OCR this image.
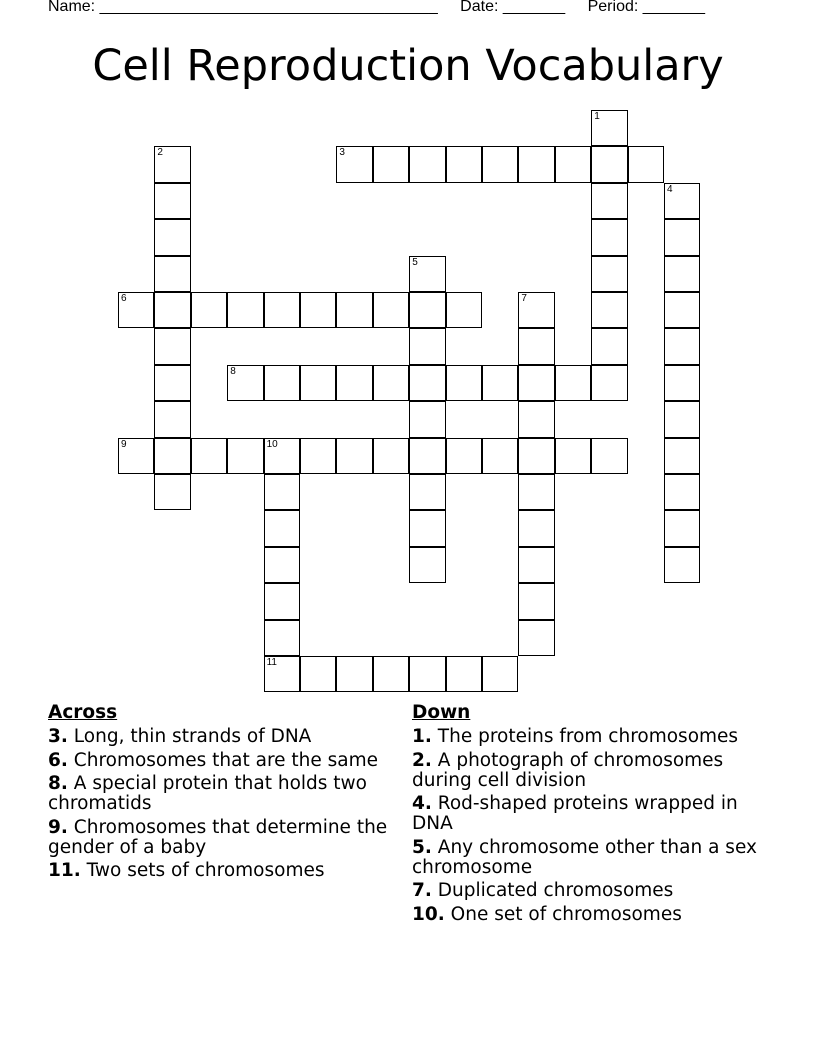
Name: ______________________________________ Date: _______ Period: _______
Cell Reproduction Vocabulary
1
2	3
4
5
6	7
8
9	10
11
Across
3. Long, thin strands of DNA
6. Chromosomes that are the same
8. A special protein that holds two chromatids
9. Chromosomes that determine the gender of a baby
11. Two sets of chromosomes
Down
1. The proteins from chromosomes
2. A photograph of chromosomes during cell division
4. Rod-shaped proteins wrapped in DNA
5. Any chromosome other than a sex chromosome
7. Duplicated chromosomes
10. One set of chromosomes
